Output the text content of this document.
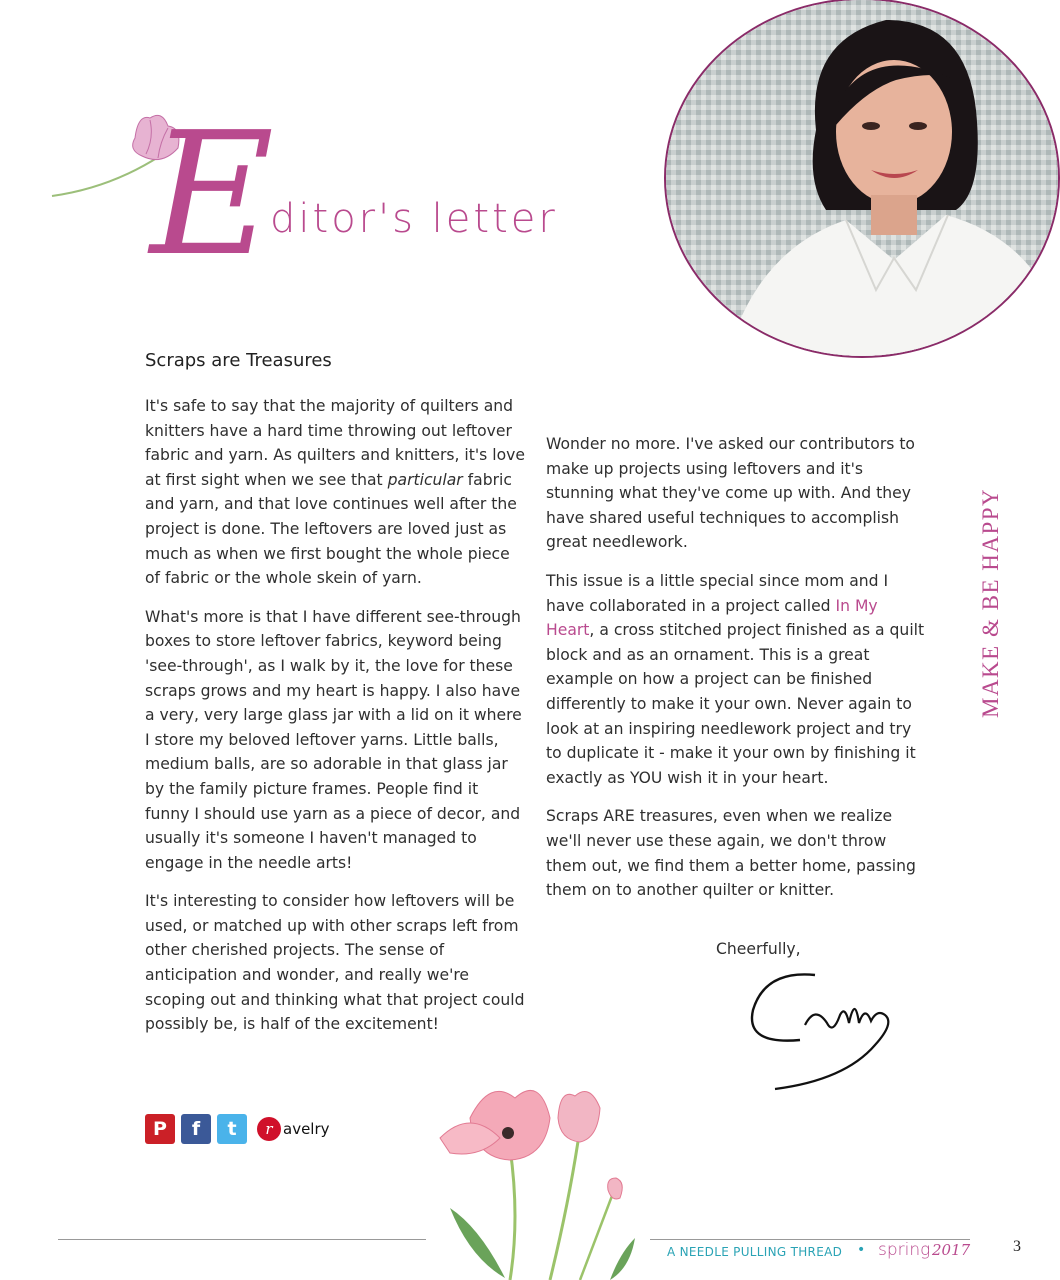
E
ditor's letter
Scraps are Treasures

It's safe to say that the majority of quilters and knitters have a hard time throwing out leftover fabric and yarn. As quilters and knitters, it's love at first sight when we see that particular fabric and yarn, and that love continues well after the project is done. The leftovers are loved just as much as when we first bought the whole piece of fabric or the whole skein of yarn.

What's more is that I have different see-through boxes to store leftover fabrics, keyword being 'see-through', as I walk by it, the love for these scraps grows and my heart is happy. I also have a very, very large glass jar with a lid on it where I store my beloved leftover yarns. Little balls, medium balls, are so adorable in that glass jar by the family picture frames. People find it funny I should use yarn as a piece of decor, and usually it's someone I haven't managed to engage in the needle arts!

It's interesting to consider how leftovers will be used, or matched up with other scraps left from other cherished projects. The sense of anticipation and wonder, and really we're scoping out and thinking what that project could possibly be, is half of the excitement!

Wonder no more. I've asked our contributors to make up projects using leftovers and it's stunning what they've come up with. And they have shared useful techniques to accomplish great needlework.

This issue is a little special since mom and I have collaborated in a project called In My Heart, a cross stitched project finished as a quilt block and as an ornament. This is a great example on how a project can be finished differently to make it your own. Never again to look at an inspiring needlework project and try to duplicate it - make it your own by finishing it exactly as YOU wish it in your heart.

Scraps ARE treasures, even when we realize we'll never use these again, we don't throw them out, we find them a better home, passing them on to another quilter or knitter.

MAKE & BE HAPPY
Cheerfully,
P	f	t	r avelry
A NEEDLE PULLING THREAD • spring 2017	3
